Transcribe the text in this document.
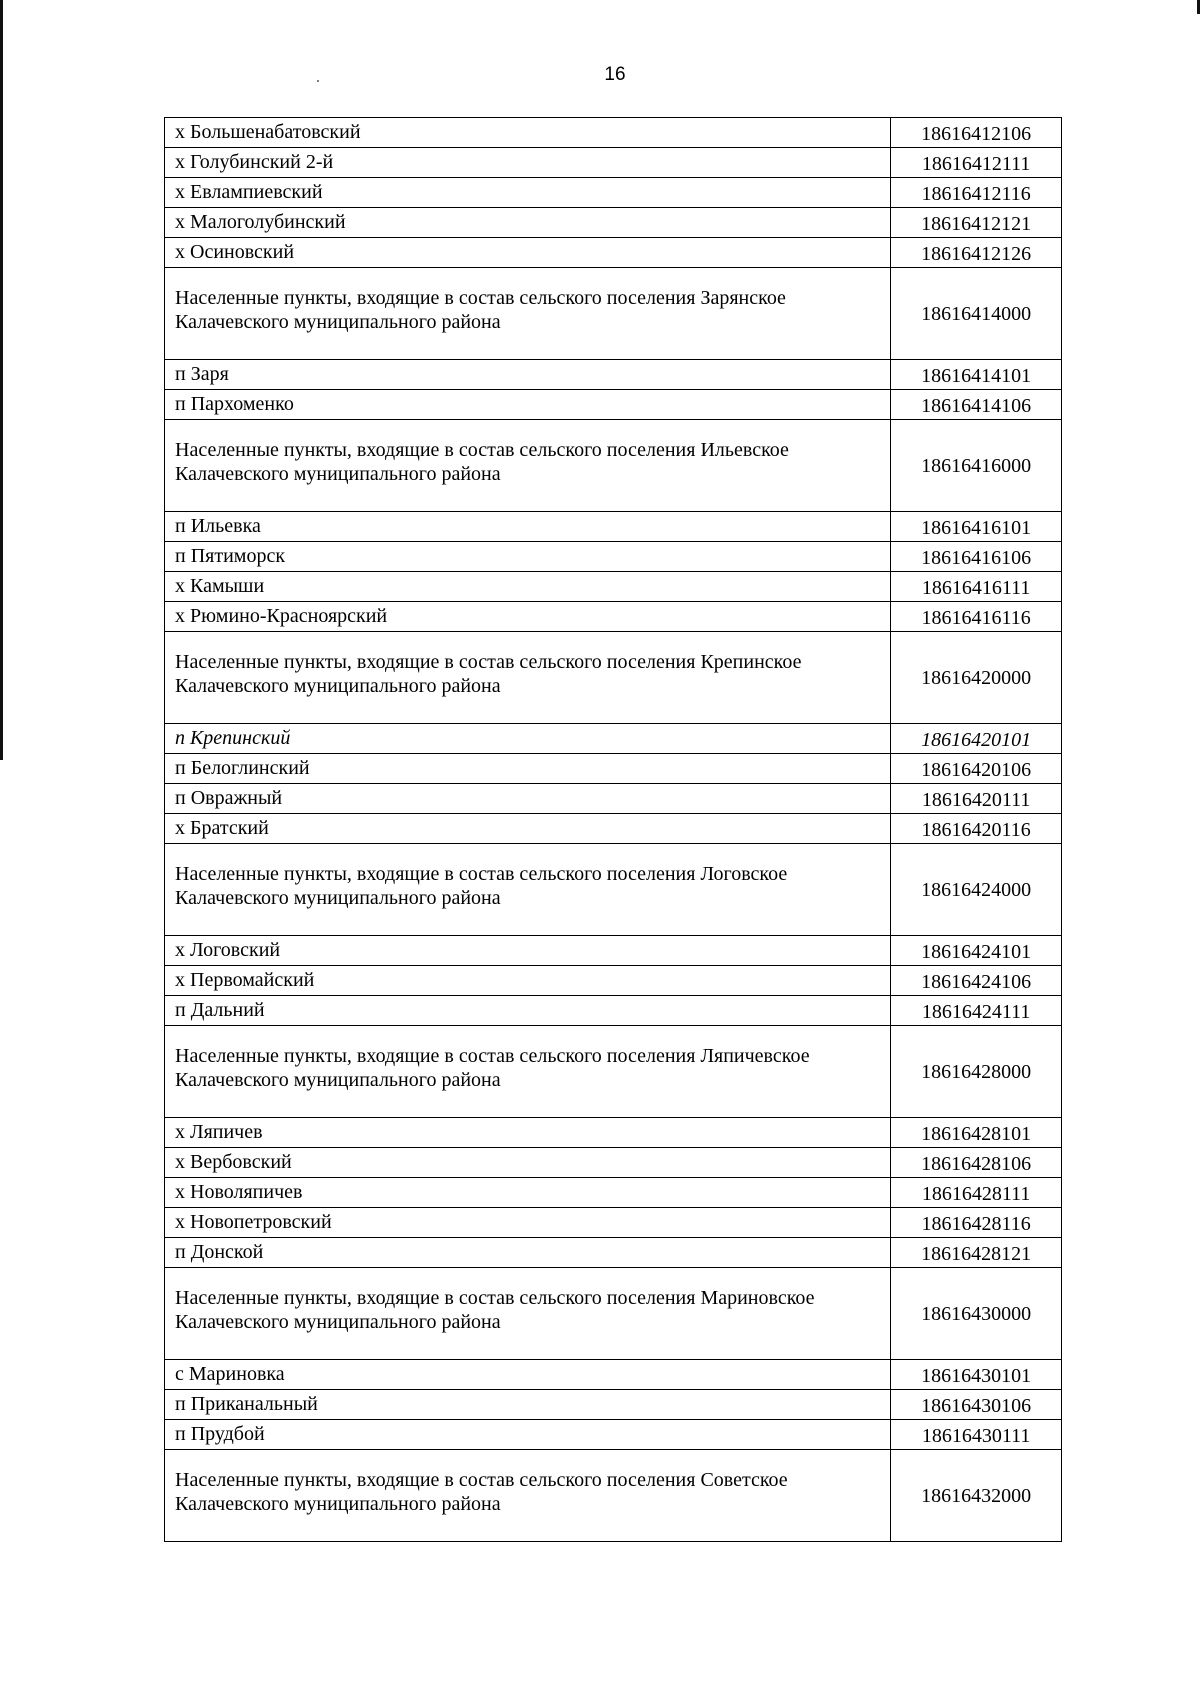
16
х Большенабатовский	18616412106
х Голубинский 2-й	18616412111
х Евлампиевский	18616412116
х Малоголубинский	18616412121
х Осиновский	18616412126
Населенные пункты, входящие в состав сельского поселения Зарянское Калачевского муниципального района	18616414000
п Заря	18616414101
п Пархоменко	18616414106
Населенные пункты, входящие в состав сельского поселения Ильевское Калачевского муниципального района	18616416000
п Ильевка	18616416101
п Пятиморск	18616416106
х Камыши	18616416111
х Рюмино-Красноярский	18616416116
Населенные пункты, входящие в состав сельского поселения Крепинское Калачевского муниципального района	18616420000
п Крепинский	18616420101
п Белоглинский	18616420106
п Овражный	18616420111
х Братский	18616420116
Населенные пункты, входящие в состав сельского поселения Логовское Калачевского муниципального района	18616424000
х Логовский	18616424101
х Первомайский	18616424106
п Дальний	18616424111
Населенные пункты, входящие в состав сельского поселения Ляпичевское Калачевского муниципального района	18616428000
х Ляпичев	18616428101
х Вербовский	18616428106
х Новоляпичев	18616428111
х Новопетровский	18616428116
п Донской	18616428121
Населенные пункты, входящие в состав сельского поселения Мариновское Калачевского муниципального района	18616430000
с Мариновка	18616430101
п Приканальный	18616430106
п Прудбой	18616430111
Населенные пункты, входящие в состав сельского поселения Советское Калачевского муниципального района	18616432000
